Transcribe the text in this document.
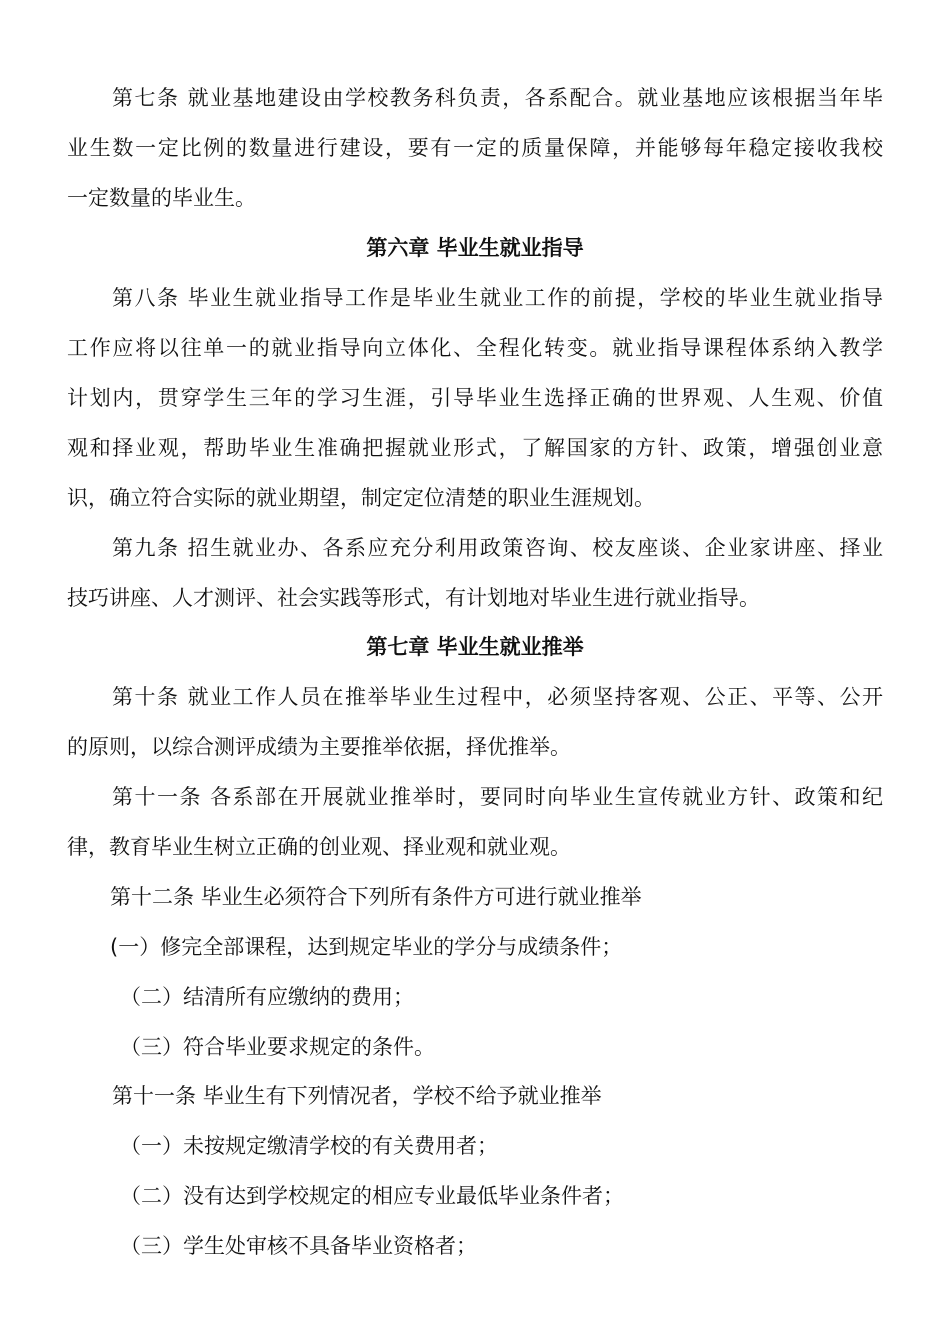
第七条 就业基地建设由学校教务科负责，各系配合。就业基地应该根据当年毕
业生数一定比例的数量进行建设，要有一定的质量保障，并能够每年稳定接收我校
一定数量的毕业生。
第六章 毕业生就业指导
第八条 毕业生就业指导工作是毕业生就业工作的前提，学校的毕业生就业指导
工作应将以往单一的就业指导向立体化、全程化转变。就业指导课程体系纳入教学
计划内，贯穿学生三年的学习生涯，引导毕业生选择正确的世界观、人生观、价值
观和择业观，帮助毕业生准确把握就业形式，了解国家的方针、政策，增强创业意
识，确立符合实际的就业期望，制定定位清楚的职业生涯规划。
第九条 招生就业办、各系应充分利用政策咨询、校友座谈、企业家讲座、择业
技巧讲座、人才测评、社会实践等形式，有计划地对毕业生进行就业指导。
第七章 毕业生就业推举
第十条 就业工作人员在推举毕业生过程中，必须坚持客观、公正、平等、公开
的原则，以综合测评成绩为主要推举依据，择优推举。
第十一条 各系部在开展就业推举时，要同时向毕业生宣传就业方针、政策和纪
律，教育毕业生树立正确的创业观、择业观和就业观。
第十二条 毕业生必须符合下列所有条件方可进行就业推举
(一）修完全部课程，达到规定毕业的学分与成绩条件；
（二）结清所有应缴纳的费用；
（三）符合毕业要求规定的条件。
第十一条 毕业生有下列情况者，学校不给予就业推举
（一）未按规定缴清学校的有关费用者；
（二）没有达到学校规定的相应专业最低毕业条件者；
（三）学生处审核不具备毕业资格者；
